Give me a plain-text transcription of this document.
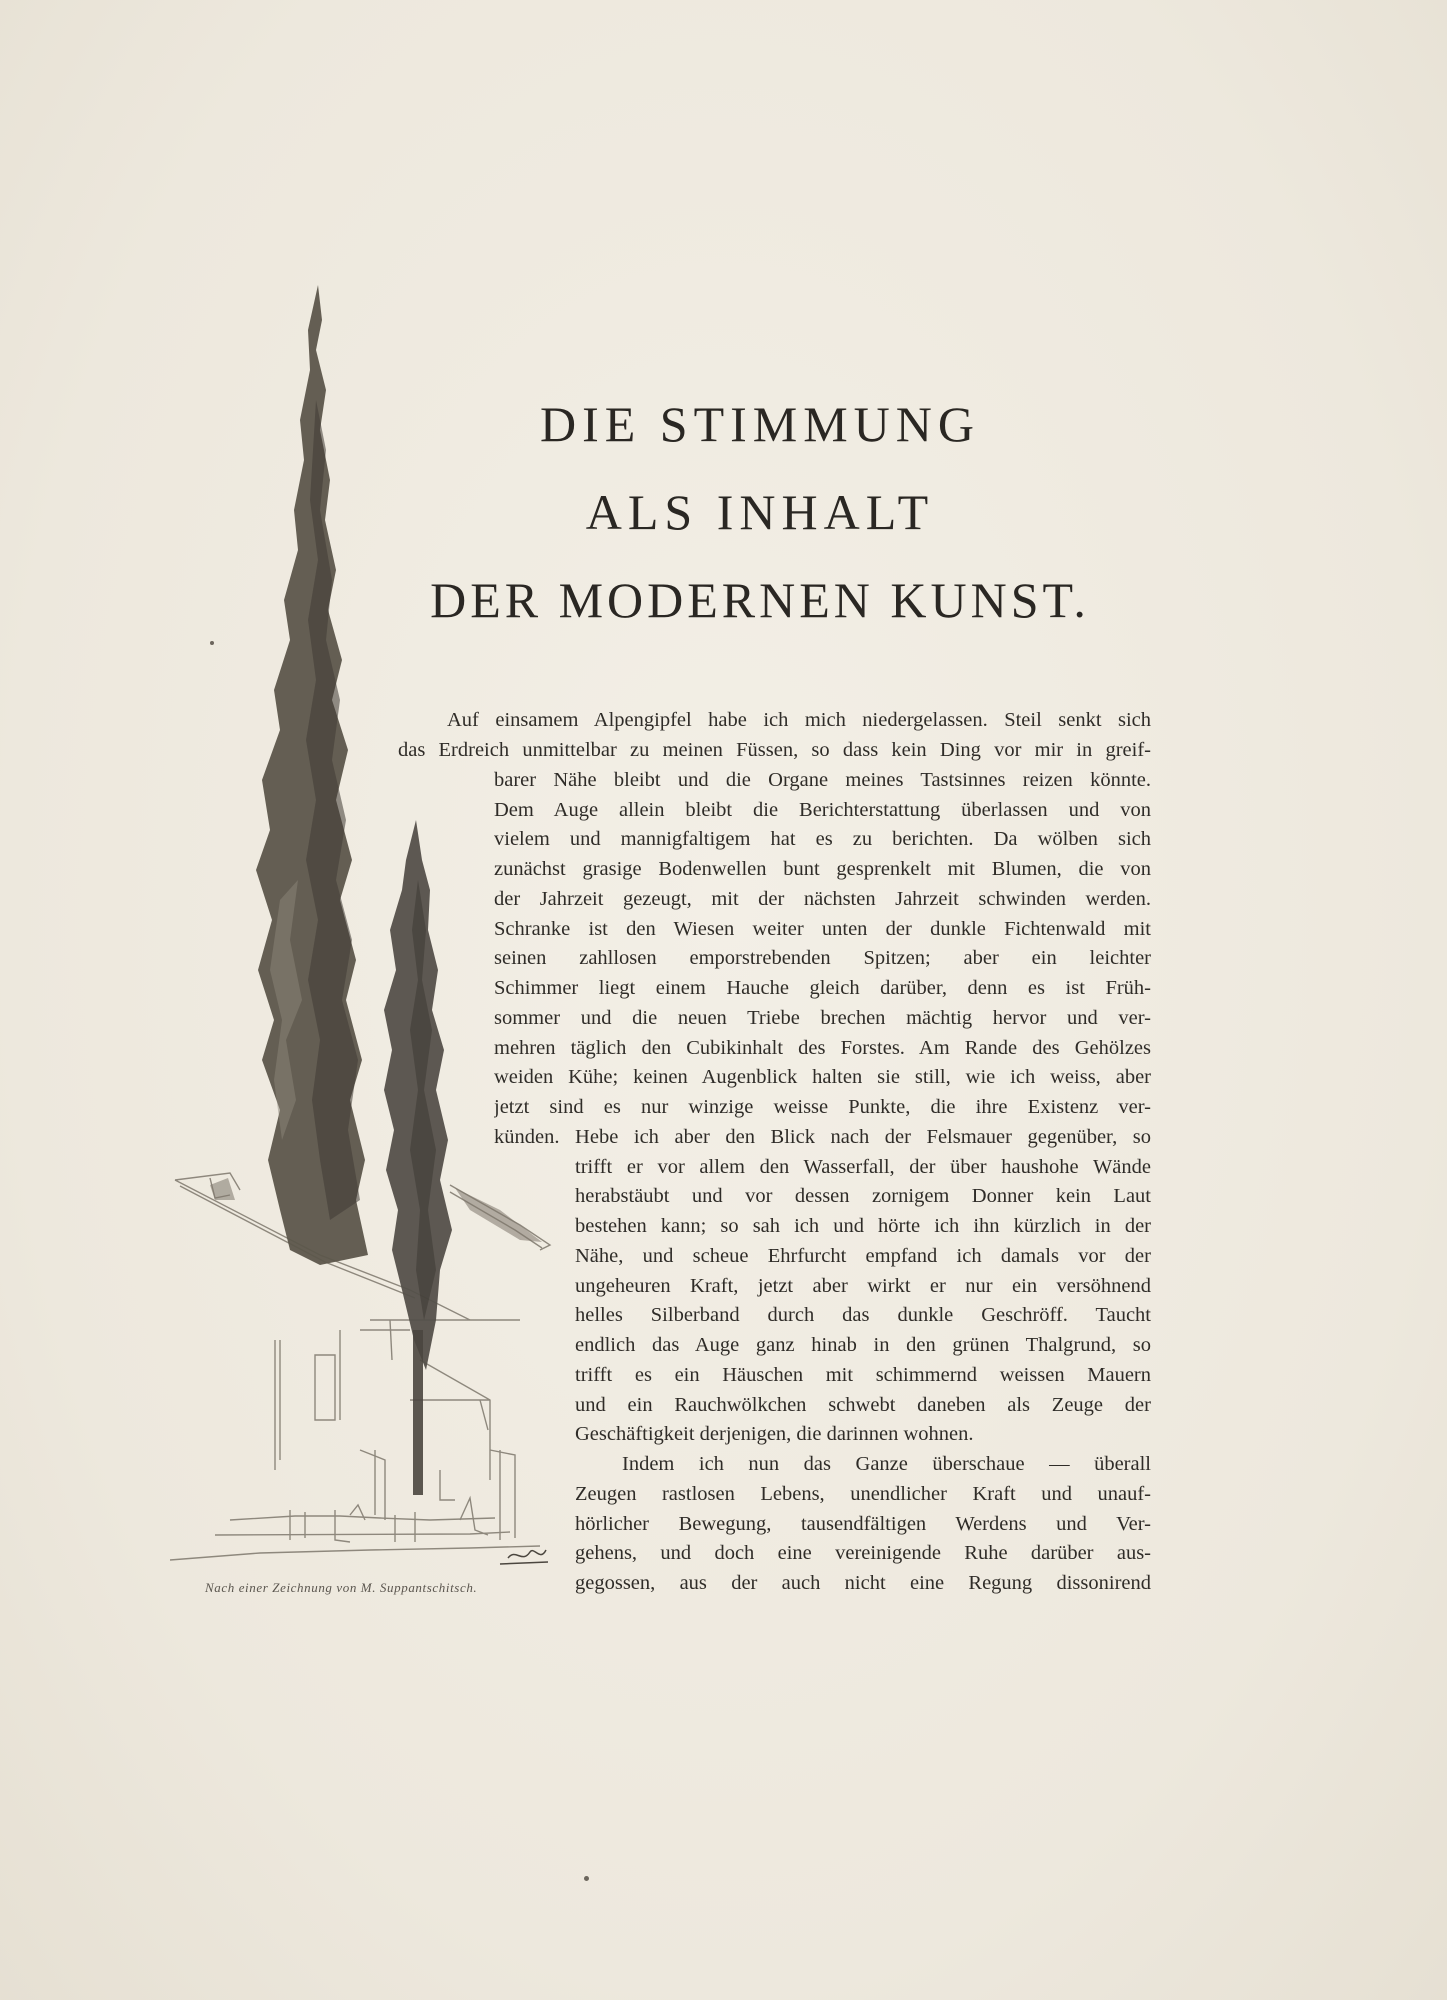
DIE STIMMUNG
ALS INHALT
DER MODERNEN KUNST.
Nach einer Zeichnung von M. Suppantschitsch.
Auf einsamem Alpengipfel habe ich mich niedergelassen. Steil senkt sich
das Erdreich unmittelbar zu meinen Füssen, so dass kein Ding vor mir in greif-
barer Nähe bleibt und die Organe meines Tastsinnes reizen könnte.
Dem Auge allein bleibt die Berichterstattung überlassen und von
vielem und mannigfaltigem hat es zu berichten. Da wölben sich
zunächst grasige Bodenwellen bunt gesprenkelt mit Blumen, die von
der Jahrzeit gezeugt, mit der nächsten Jahrzeit schwinden werden.
Schranke ist den Wiesen weiter unten der dunkle Fichtenwald mit
seinen zahllosen emporstrebenden Spitzen; aber ein leichter
Schimmer liegt einem Hauche gleich darüber, denn es ist Früh-
sommer und die neuen Triebe brechen mächtig hervor und ver-
mehren täglich den Cubikinhalt des Forstes. Am Rande des Gehölzes
weiden Kühe; keinen Augenblick halten sie still, wie ich weiss, aber
jetzt sind es nur winzige weisse Punkte, die ihre Existenz ver-
künden. Hebe ich aber den Blick nach der Felsmauer gegenüber, so
trifft er vor allem den Wasserfall, der über haushohe Wände
herabstäubt und vor dessen zornigem Donner kein Laut
bestehen kann; so sah ich und hörte ich ihn kürzlich in der
Nähe, und scheue Ehrfurcht empfand ich damals vor der
ungeheuren Kraft, jetzt aber wirkt er nur ein versöhnend
helles Silberband durch das dunkle Geschröff. Taucht
endlich das Auge ganz hinab in den grünen Thalgrund, so
trifft es ein Häuschen mit schimmernd weissen Mauern
und ein Rauchwölkchen schwebt daneben als Zeuge der
Geschäftigkeit derjenigen, die darinnen wohnen.
Indem ich nun das Ganze überschaue — überall
Zeugen rastlosen Lebens, unendlicher Kraft und unauf-
hörlicher Bewegung, tausendfältigen Werdens und Ver-
gehens, und doch eine vereinigende Ruhe darüber aus-
gegossen, aus der auch nicht eine Regung dissonirend
